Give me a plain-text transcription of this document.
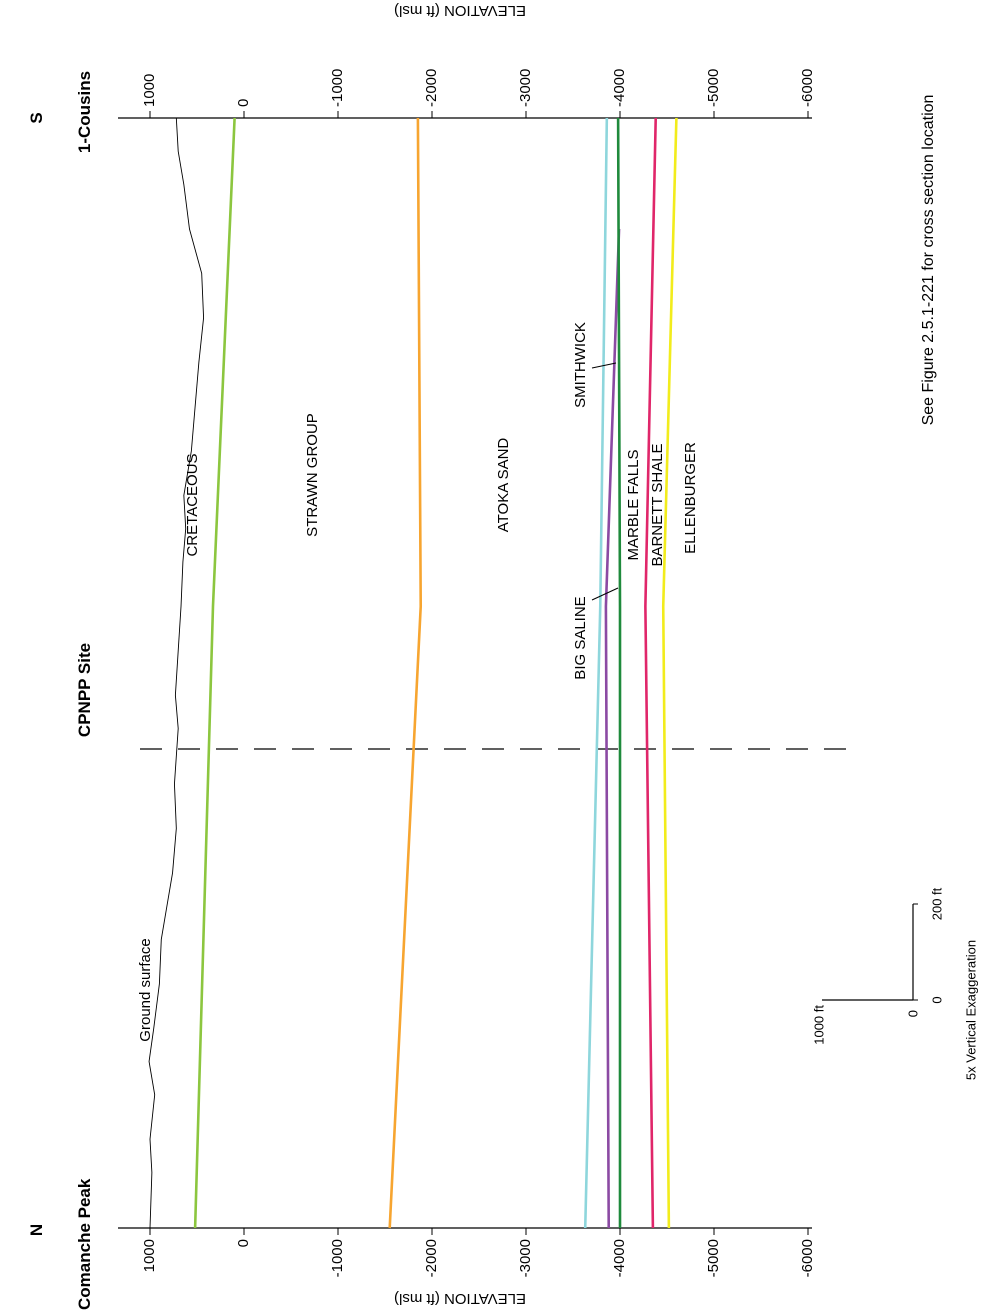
N Comanche Peak
CPNPP Site
S 1-Cousins
ELEVATION (ft msl)
ELEVATION (ft msl)
1000
1000
0
0
-1000
-1000
-2000
-2000
-3000
-3000
-4000
-4000
-5000
-5000
-6000
-6000
Ground surface
CRETACEOUS	STRAWN GROUP	ATOKA SAND
BIG SALINE
SMITHWICK
MARBLE FALLS BARNETT SHALE ELLENBURGER
See Figure 2.5.1-221 for cross section location
1000 ft	0
0
200 ft
5x Vertical Exaggeration
